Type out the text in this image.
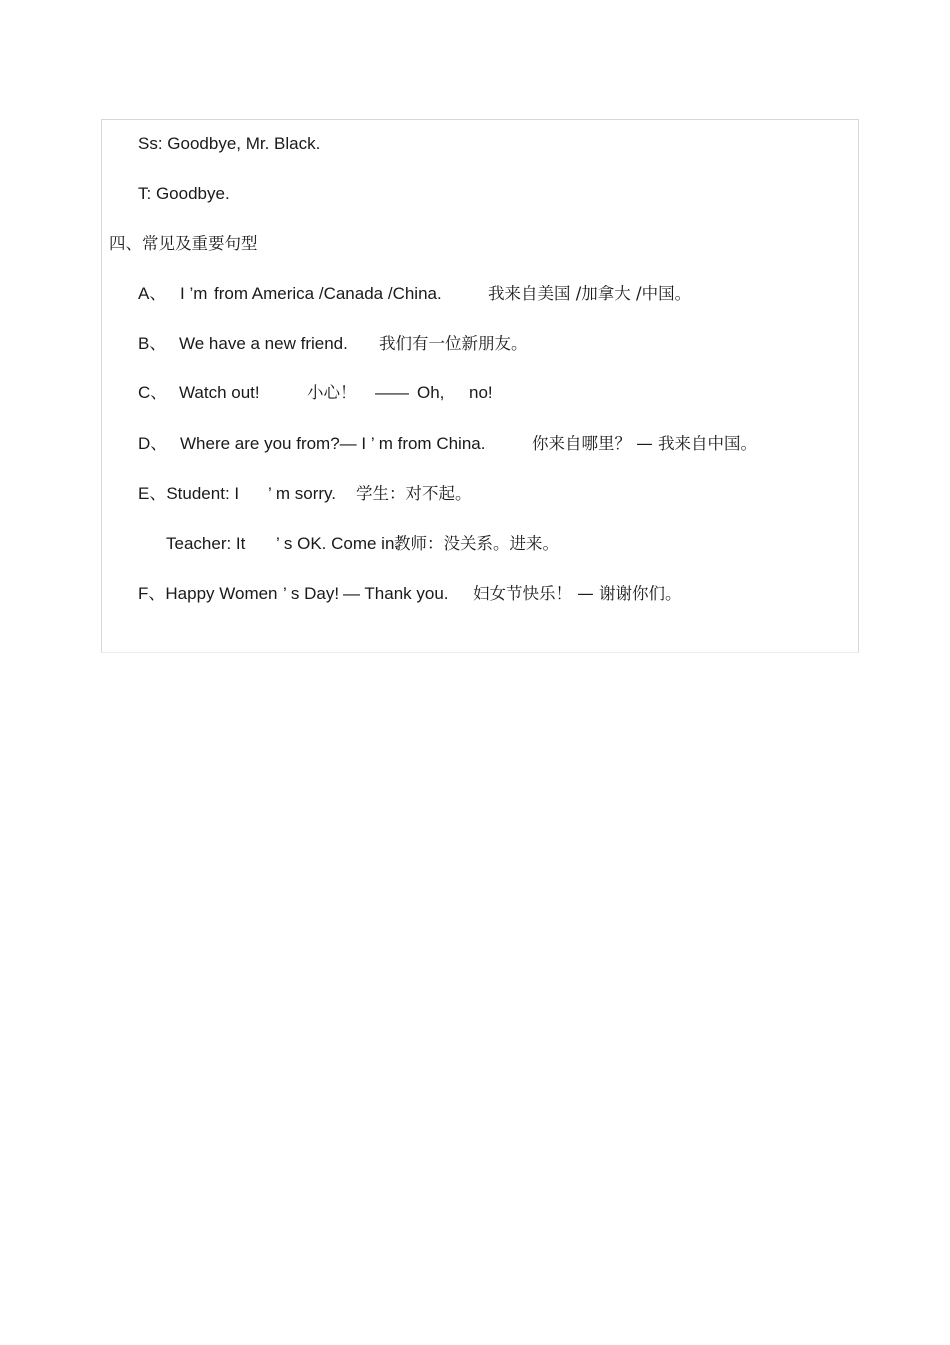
Ss: Goodbye, Mr. Black.
T: Goodbye.
四、常见及重要句型
A、 I ’m from America /Canada /China.	我来自美国 /加拿大 /中国。
B、 We have a new friend. 我们有一位新朋友。
C、 Watch out!	小心！ —— Oh, no!
D、 Where are you from?— I ’ m from China.	你来自哪里？ — 我来自中国。
E、Student: I ’ m sorry. 学生：对不起。
Teacher: It ’ s OK. Come in.
教师：没关系。进来。
F、Happy Women ’ s Day! — Thank you. 妇女节快乐！ — 谢谢你们。
